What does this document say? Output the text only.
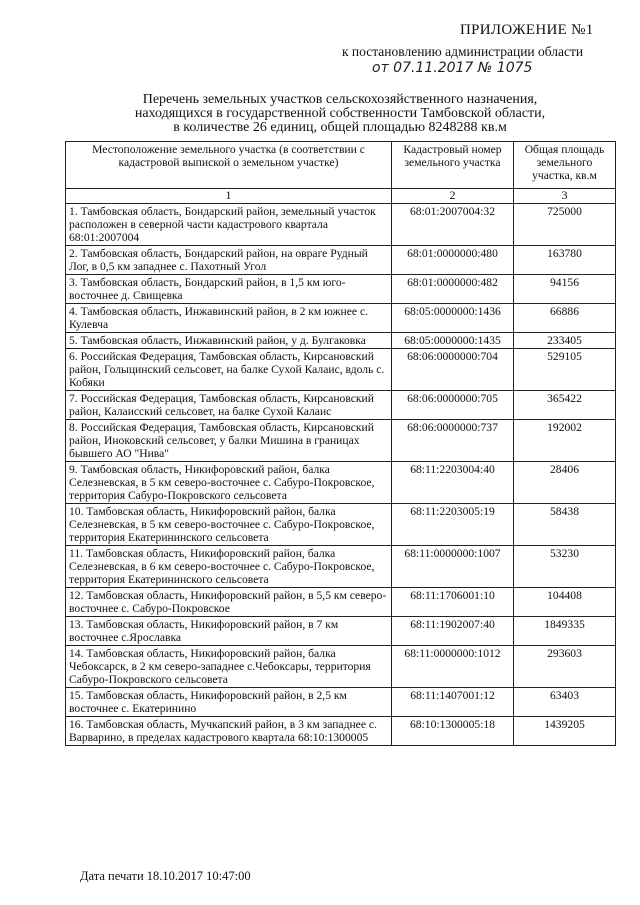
ПРИЛОЖЕНИЕ №1
к постановлению администрации области
от 07.11.2017 № 1075
Перечень земельных участков сельскохозяйственного назначения,
находящихся в государственной собственности Тамбовской области,
в количестве 26 единиц, общей площадью 8248288 кв.м
Местоположение земельного участка (в соответствии с кадастровой выпиской о земельном участке)	Кадастровый номер земельного участка	Общая площадь земельного участка, кв.м
1	2	3
1. Тамбовская область, Бондарский район, земельный участок расположен в северной части кадастрового квартала 68:01:2007004	68:01:2007004:32	725000
2. Тамбовская область, Бондарский район, на овраге Рудный Лог, в 0,5 км западнее с. Пахотный Угол	68:01:0000000:480	163780
3. Тамбовская область, Бондарский район, в 1,5 км юго-восточнее д. Свищевка	68:01:0000000:482	94156
4. Тамбовская область, Инжавинский район, в 2 км южнее с. Кулевча	68:05:0000000:1436	66886
5. Тамбовская область, Инжавинский район, у д. Булгаковка	68:05:0000000:1435	233405
6. Российская Федерация, Тамбовская область, Кирсановский район, Голыцинский сельсовет, на балке Сухой Калаис, вдоль с. Кобяки	68:06:0000000:704	529105
7. Российская Федерация, Тамбовская область, Кирсановский район, Калаисский сельсовет, на балке Сухой Калаис	68:06:0000000:705	365422
8. Российская Федерация, Тамбовская область, Кирсановский район, Иноковский сельсовет, у балки Мишина в границах бывшего АО "Нива"	68:06:0000000:737	192002
9. Тамбовская область, Никифоровский район, балка Селезневская, в 5 км северо-восточнее с. Сабуро-Покровское, территория Сабуро-Покровского сельсовета	68:11:2203004:40	28406
10. Тамбовская область, Никифоровский район, балка Селезневская, в 5 км северо-восточнее с. Сабуро-Покровское, территория Екатерининского сельсовета	68:11:2203005:19	58438
11. Тамбовская область, Никифоровский район, балка Селезневская, в 6 км северо-восточнее с. Сабуро-Покровское, территория Екатерининского сельсовета	68:11:0000000:1007	53230
12. Тамбовская область, Никифоровский район, в 5,5 км северо-восточнее с. Сабуро-Покровское	68:11:1706001:10	104408
13. Тамбовская область, Никифоровский район, в 7 км восточнее с.Ярославка	68:11:1902007:40	1849335
14. Тамбовская область, Никифоровский район, балка Чебоксарск, в 2 км северо-западнее с.Чебоксары, территория Сабуро-Покровского сельсовета	68:11:0000000:1012	293603
15. Тамбовская область, Никифоровский район, в 2,5 км восточнее с. Екатеринино	68:11:1407001:12	63403
16. Тамбовская область, Мучкапский район, в 3 км западнее с. Варварино, в пределах кадастрового квартала 68:10:1300005	68:10:1300005:18	1439205
Дата печати 18.10.2017 10:47:00
